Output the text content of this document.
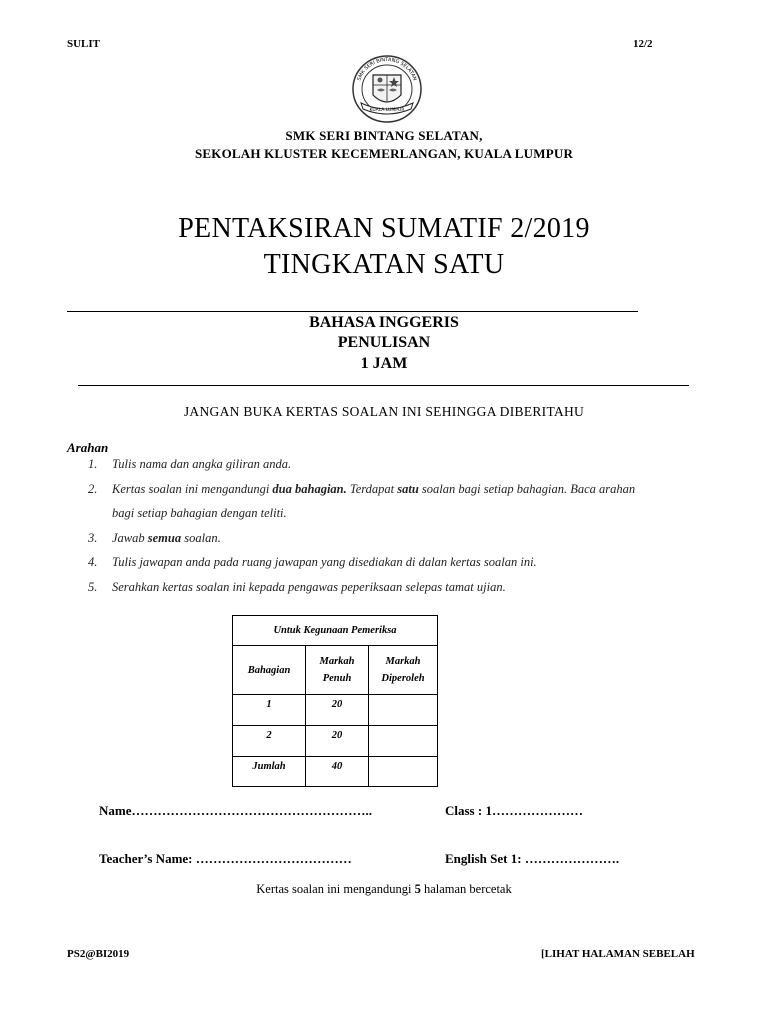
SULIT	12/2
KUALA LUMPUR
SMK SERI BINTANG SELATAN
SMK SERI BINTANG SELATAN,
SEKOLAH KLUSTER KECEMERLANGAN, KUALA LUMPUR
PENTAKSIRAN SUMATIF 2/2019
TINGKATAN SATU
BAHASA INGGERIS
PENULISAN
1 JAM
JANGAN BUKA KERTAS SOALAN INI SEHINGGA DIBERITAHU
Arahan
1. Tulis nama dan angka giliran anda.
2. Kertas soalan ini mengandungi dua bahagian. Terdapat satu soalan bagi setiap bahagian. Baca arahan
bagi setiap bahagian dengan teliti.
3. Jawab semua soalan.
4. Tulis jawapan anda pada ruang jawapan yang disediakan di dalan kertas soalan ini.
5. Serahkan kertas soalan ini kepada pengawas peperiksaan selepas tamat ujian.
Untuk Kegunaan Pemeriksa		
Bahagian	Markah Penuh	Markah Diperoleh
1	20	
2	20	
Jumlah	40	
Name………………………………………………..	Class : 1…………………
Teacher’s Name: ………………………………	English Set 1: ………………….
Kertas soalan ini mengandungi 5 halaman bercetak
PS2@BI2019	[LIHAT HALAMAN SEBELAH
